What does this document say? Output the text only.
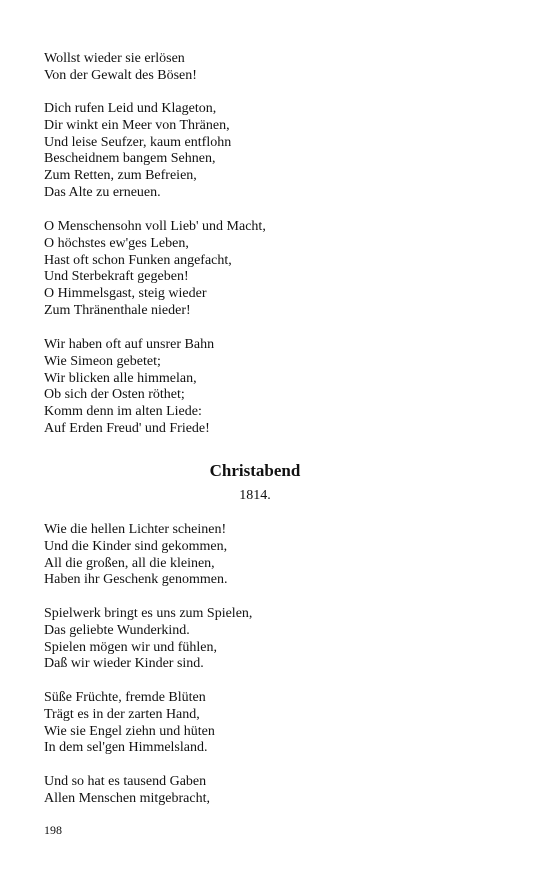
Wollst wieder sie erlösen
Von der Gewalt des Bösen!
Dich rufen Leid und Klageton,
Dir winkt ein Meer von Thränen,
Und leise Seufzer, kaum entflohn
Bescheidnem bangem Sehnen,
Zum Retten, zum Befreien,
Das Alte zu erneuen.
O Menschensohn voll Lieb' und Macht,
O höchstes ew'ges Leben,
Hast oft schon Funken angefacht,
Und Sterbekraft gegeben!
O Himmelsgast, steig wieder
Zum Thränenthale nieder!
Wir haben oft auf unsrer Bahn
Wie Simeon gebetet;
Wir blicken alle himmelan,
Ob sich der Osten röthet;
Komm denn im alten Liede:
Auf Erden Freud' und Friede!
Christabend
1814.
Wie die hellen Lichter scheinen!
Und die Kinder sind gekommen,
All die großen, all die kleinen,
Haben ihr Geschenk genommen.
Spielwerk bringt es uns zum Spielen,
Das geliebte Wunderkind.
Spielen mögen wir und fühlen,
Daß wir wieder Kinder sind.
Süße Früchte, fremde Blüten
Trägt es in der zarten Hand,
Wie sie Engel ziehn und hüten
In dem sel'gen Himmelsland.
Und so hat es tausend Gaben
Allen Menschen mitgebracht,
198
